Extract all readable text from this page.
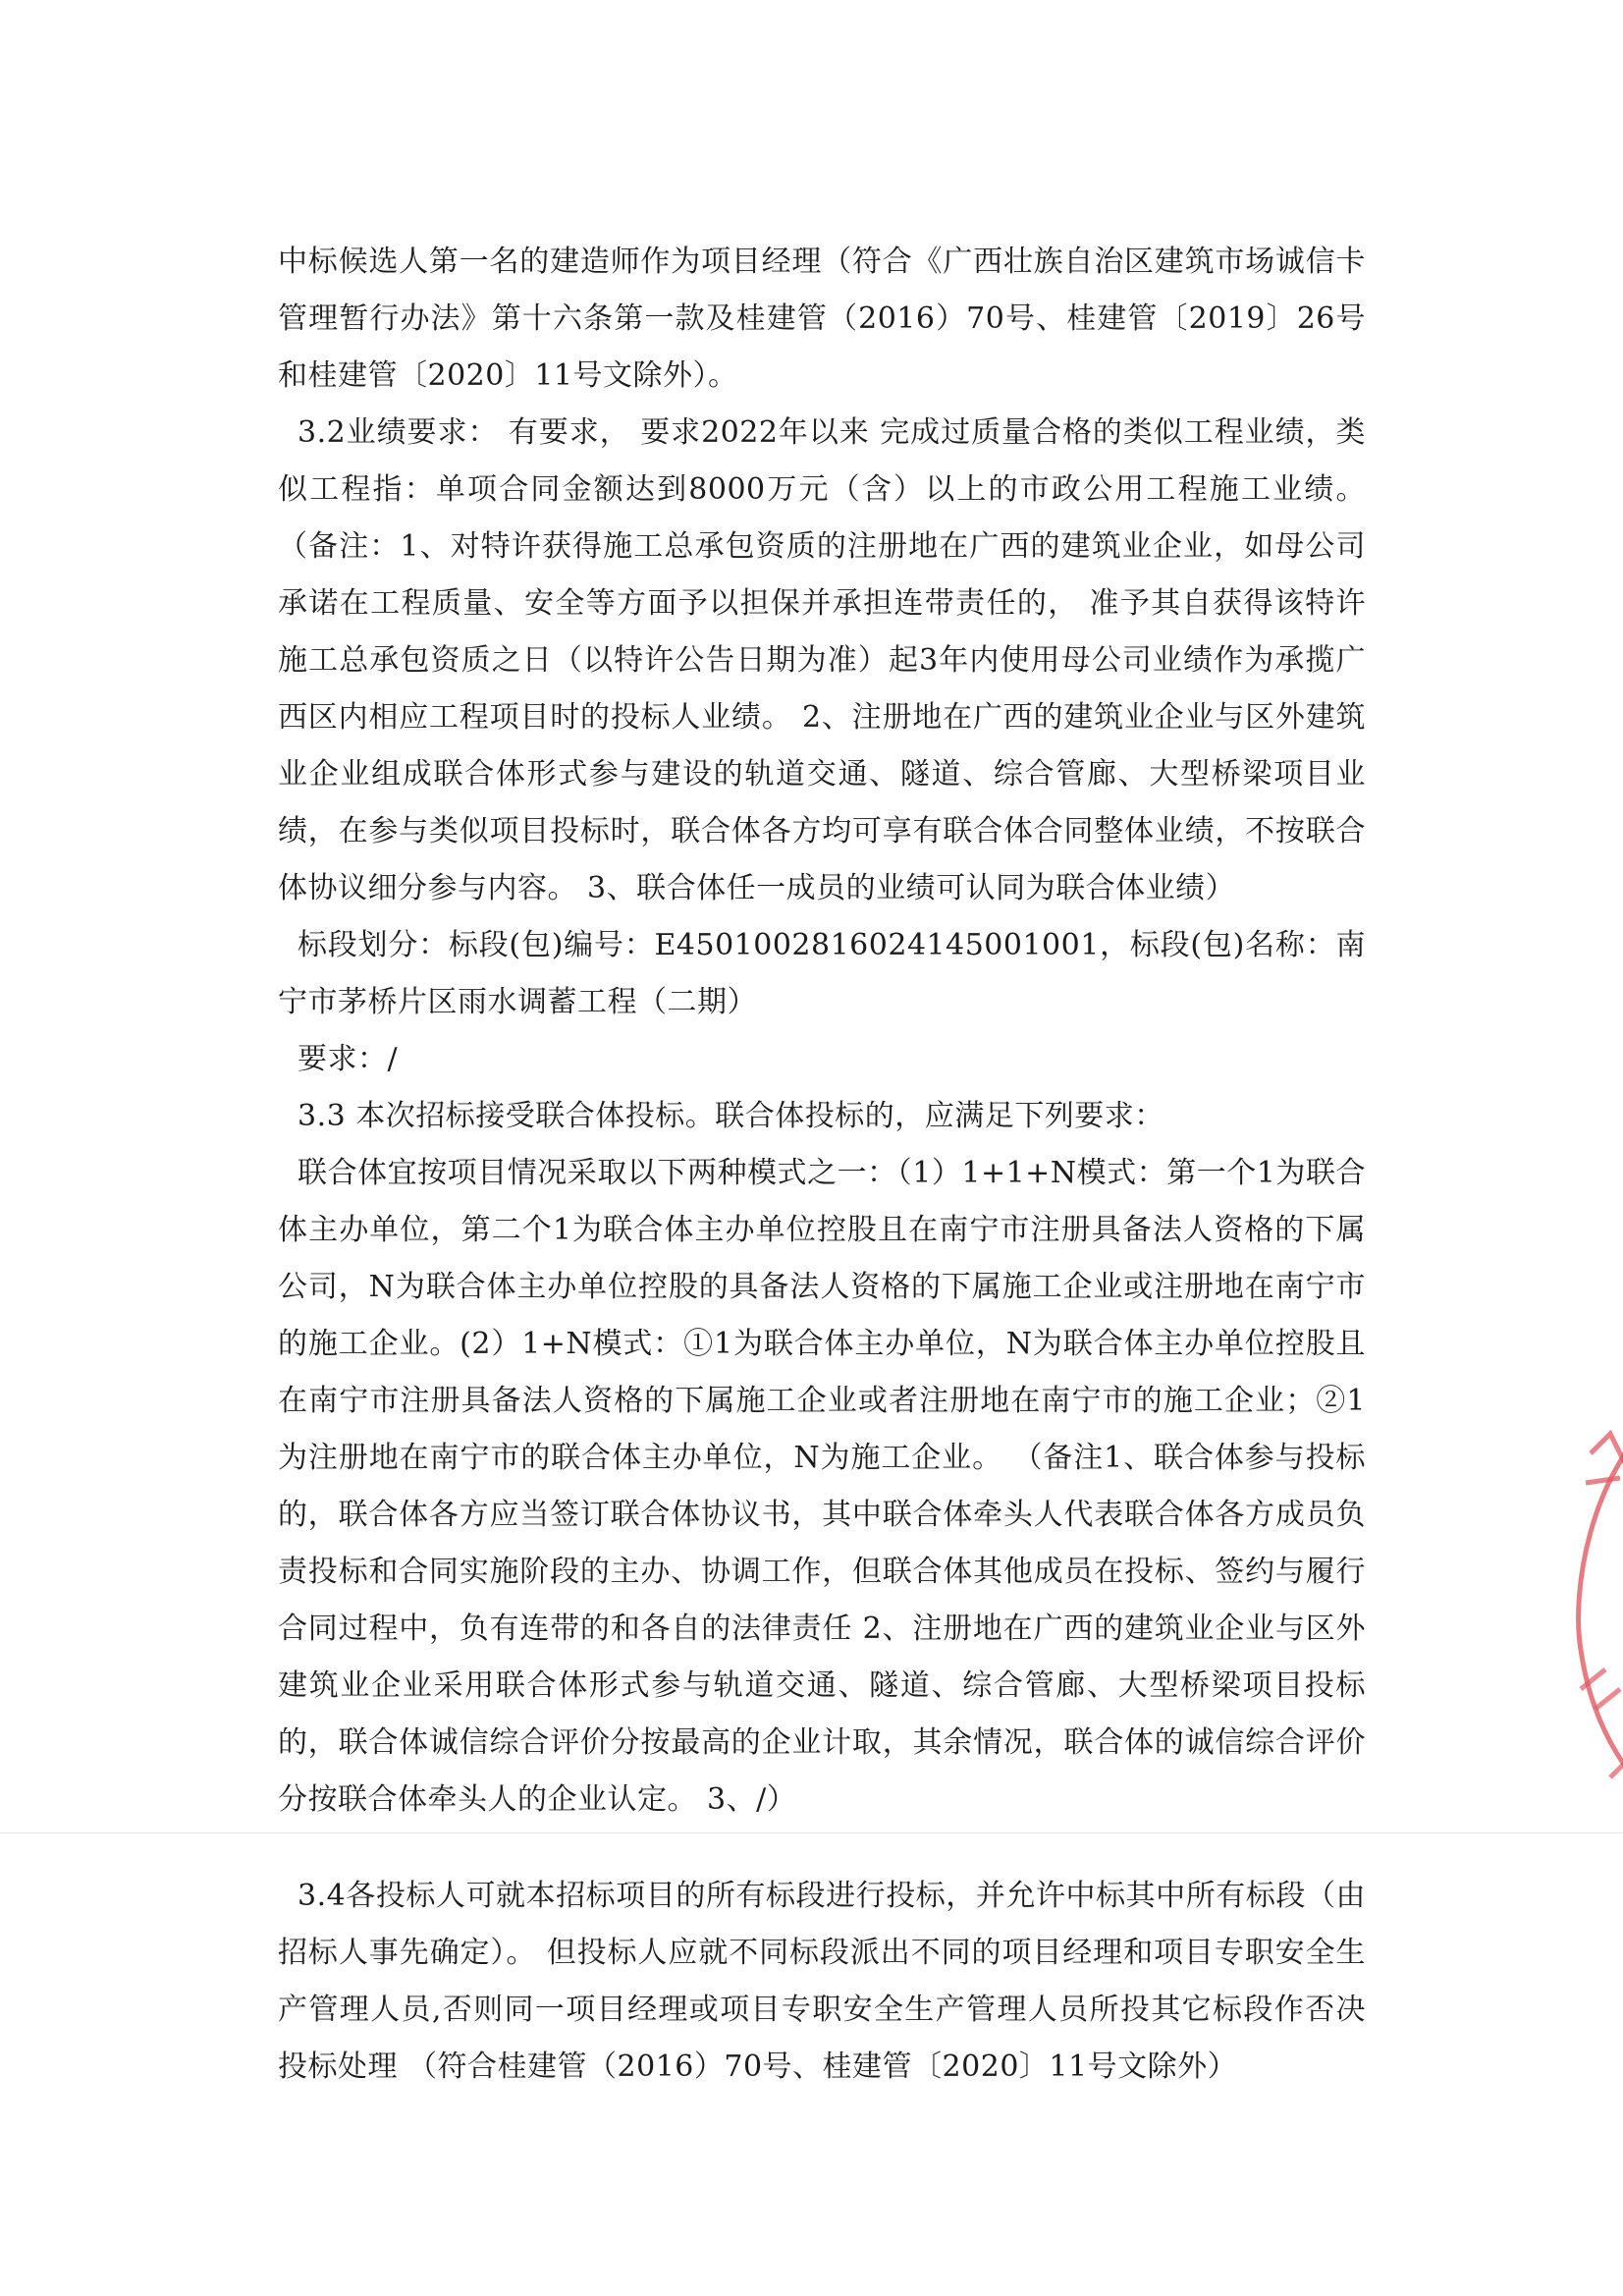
中标候选人第一名的建造师作为项目经理（符合《广西壮族自治区建筑市场诚信卡管理暂行办法》第十六条第一款及桂建管（2016）70号、桂建管〔2019〕26号和桂建管〔2020〕11号文除外）。

3.2业绩要求： 有要求， 要求2022年以来 完成过质量合格的类似工程业绩，类似工程指：单项合同金额达到8000万元（含）以上的市政公用工程施工业绩。 （备注：1、对特许获得施工总承包资质的注册地在广西的建筑业企业，如母公司承诺在工程质量、安全等方面予以担保并承担连带责任的， 准予其自获得该特许施工总承包资质之日（以特许公告日期为准）起3年内使用母公司业绩作为承揽广西区内相应工程项目时的投标人业绩。 2、注册地在广西的建筑业企业与区外建筑业企业组成联合体形式参与建设的轨道交通、隧道、综合管廊、大型桥梁项目业绩，在参与类似项目投标时，联合体各方均可享有联合体合同整体业绩，不按联合体协议细分参与内容。 3、联合体任一成员的业绩可认同为联合体业绩）

标段划分：标段(包)编号：E4501002816024145001001，标段(包)名称：南宁市茅桥片区雨水调蓄工程（二期）

要求：/

3.3 本次招标接受联合体投标。联合体投标的，应满足下列要求：

联合体宜按项目情况采取以下两种模式之一：（1）1+1+N模式：第一个1为联合体主办单位，第二个1为联合体主办单位控股且在南宁市注册具备法人资格的下属公司，N为联合体主办单位控股的具备法人资格的下属施工企业或注册地在南宁市的施工企业。(2）1+N模式：①1为联合体主办单位，N为联合体主办单位控股且在南宁市注册具备法人资格的下属施工企业或者注册地在南宁市的施工企业；②1为注册地在南宁市的联合体主办单位，N为施工企业。 （备注1、联合体参与投标的，联合体各方应当签订联合体协议书，其中联合体牵头人代表联合体各方成员负责投标和合同实施阶段的主办、协调工作，但联合体其他成员在投标、签约与履行合同过程中，负有连带的和各自的法律责任 2、注册地在广西的建筑业企业与区外建筑业企业采用联合体形式参与轨道交通、隧道、综合管廊、大型桥梁项目投标的，联合体诚信综合评价分按最高的企业计取，其余情况，联合体的诚信综合评价分按联合体牵头人的企业认定。 3、/）

3.4各投标人可就本招标项目的所有标段进行投标，并允许中标其中所有标段（由招标人事先确定）。 但投标人应就不同标段派出不同的项目经理和项目专职安全生产管理人员,否则同一项目经理或项目专职安全生产管理人员所投其它标段作否决投标处理 （符合桂建管（2016）70号、桂建管〔2020〕11号文除外）
